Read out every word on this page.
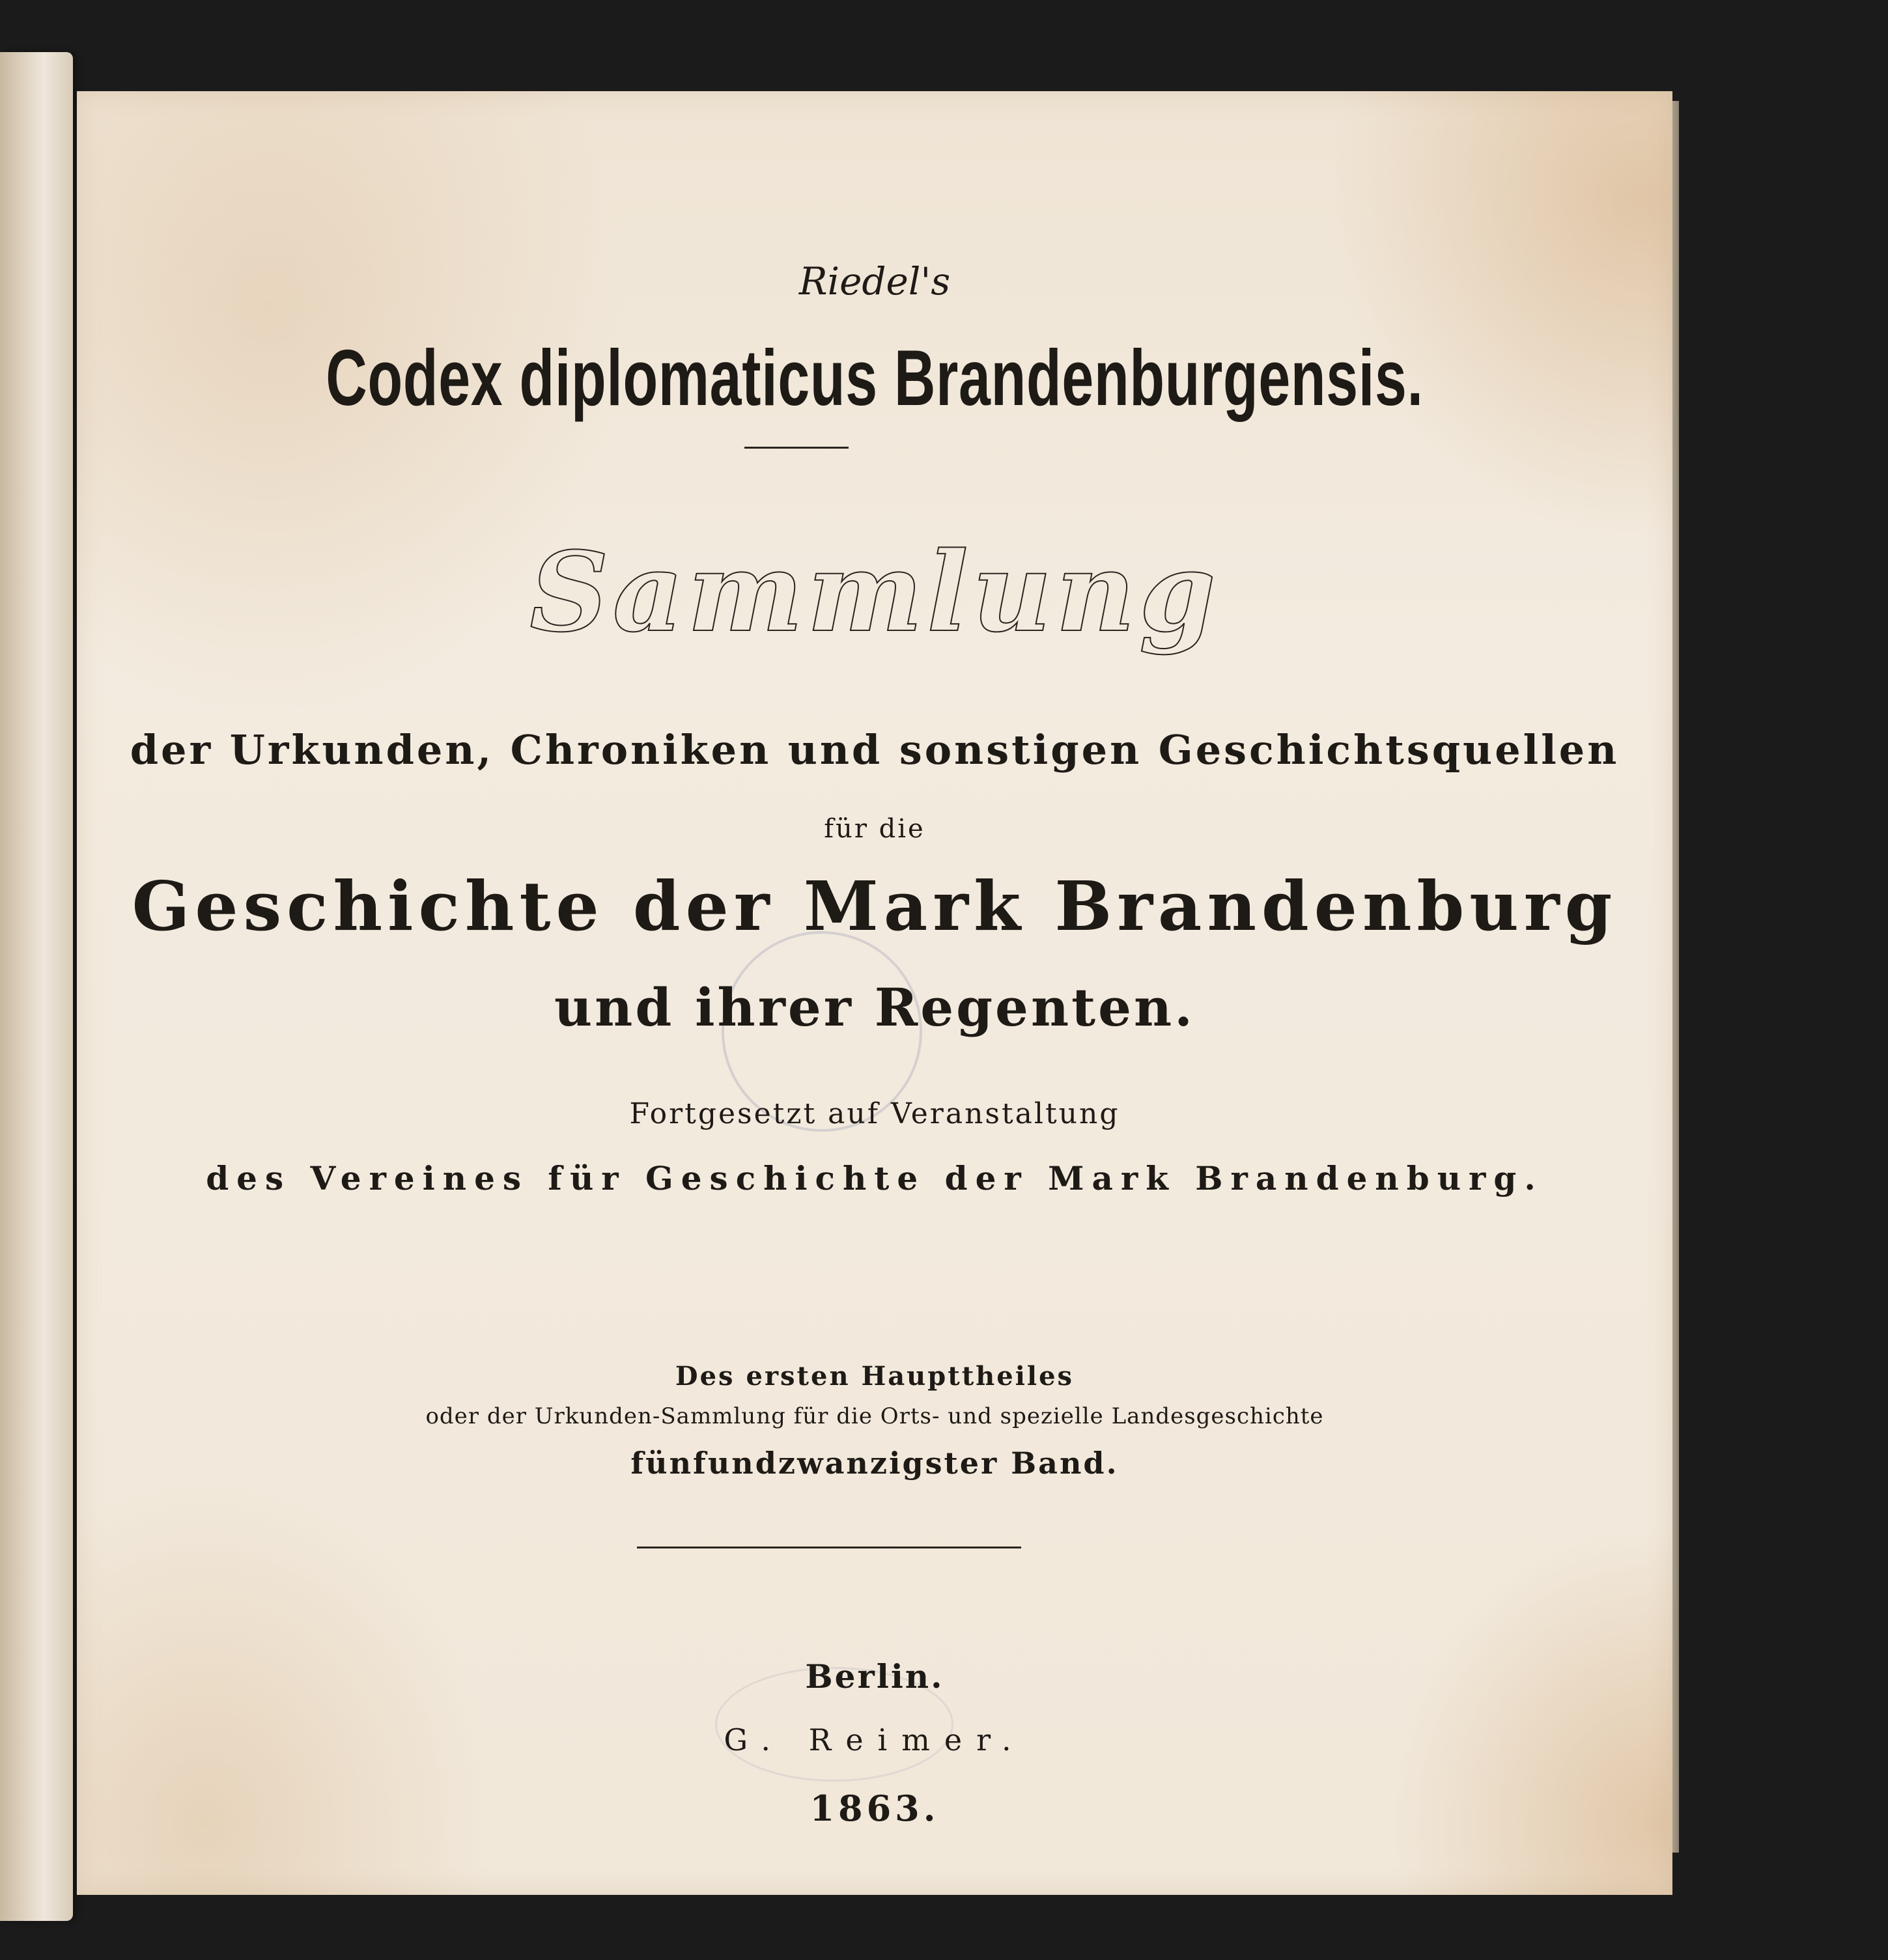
Riedel's
Codex diplomaticus Brandenburgensis.
Sammlung
der Urkunden, Chroniken und sonstigen Geschichtsquellen
für die
Geschichte der Mark Brandenburg
und ihrer Regenten.
Fortgesetzt auf Veranstaltung
des Vereines für Geschichte der Mark Brandenburg.
Des ersten Haupttheiles
oder der Urkunden-Sammlung für die Orts- und spezielle Landesgeschichte
fünfundzwanzigster Band.
Berlin.
G. Reimer.
1863.
